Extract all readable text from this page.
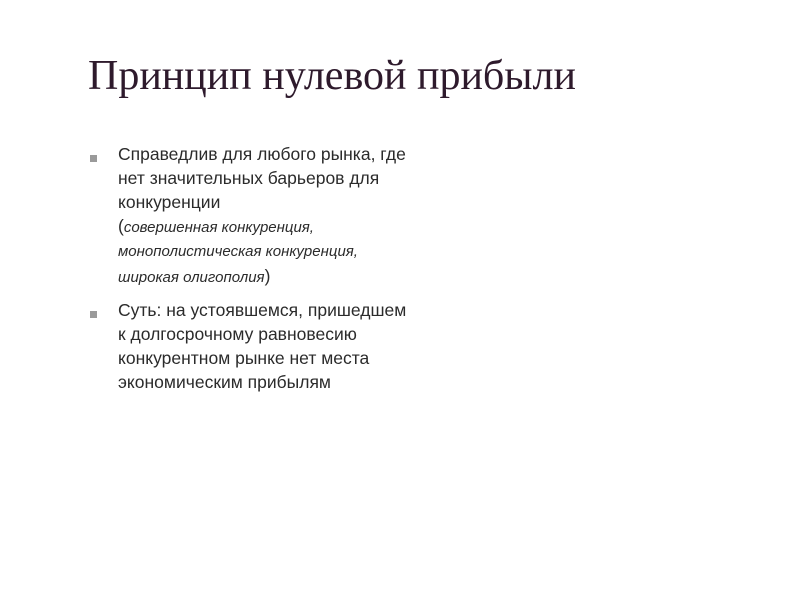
Принцип нулевой прибыли
Справедлив для любого рынка, где нет значительных барьеров для конкуренции
(совершенная конкуренция, монополистическая конкуренция, широкая олигополия)
Суть: на устоявшемся, пришедшем к долгосрочному равновесию конкурентном рынке нет места экономическим прибылям
